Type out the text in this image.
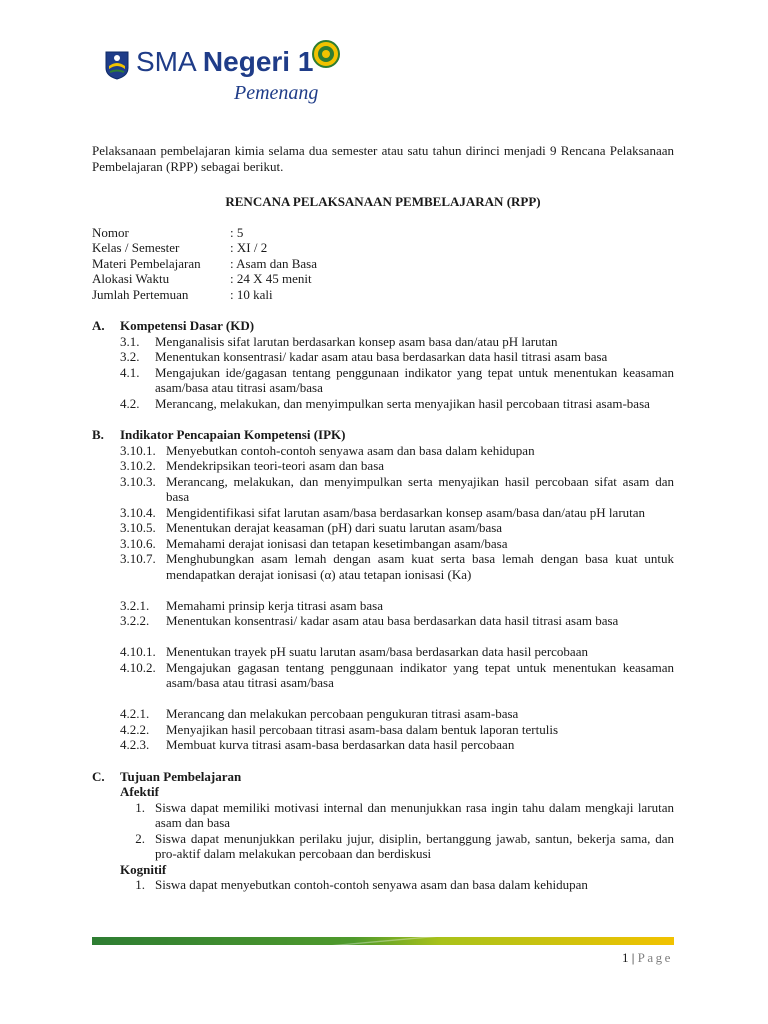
SMA Negeri 1
Pemenang

Pelaksanaan pembelajaran kimia selama dua semester atau satu tahun dirinci menjadi 9 Rencana Pelaksanaan Pembelajaran (RPP) sebagai berikut.

RENCANA PELAKSANAAN PEMBELAJARAN (RPP)

Nomor	: 5
Kelas / Semester	: XI / 2
Materi Pembelajaran	: Asam dan Basa
Alokasi Waktu	: 24 X 45 menit
Jumlah Pertemuan	: 10 kali
A.	Kompetensi Dasar (KD)
3.1.	Menganalisis sifat larutan berdasarkan konsep asam basa dan/atau pH larutan
3.2.	Menentukan konsentrasi/ kadar asam atau basa berdasarkan data hasil titrasi asam basa
4.1.	Mengajukan ide/gagasan tentang penggunaan indikator yang tepat untuk menentukan keasaman asam/basa atau titrasi asam/basa
4.2.	Merancang, melakukan, dan menyimpulkan serta menyajikan hasil percobaan titrasi asam-basa
B.	Indikator Pencapaian Kompetensi (IPK)
3.10.1. Menyebutkan contoh-contoh senyawa asam dan basa dalam kehidupan
3.10.2. Mendekripsikan teori-teori asam dan basa
3.10.3. Merancang, melakukan, dan menyimpulkan serta menyajikan hasil percobaan sifat asam dan basa
3.10.4. Mengidentifikasi sifat larutan asam/basa berdasarkan konsep asam/basa dan/atau pH larutan
3.10.5. Menentukan derajat keasaman (pH) dari suatu larutan asam/basa
3.10.6. Memahami derajat ionisasi dan tetapan kesetimbangan asam/basa
3.10.7. Menghubungkan asam lemah dengan asam kuat serta basa lemah dengan basa kuat untuk mendapatkan derajat ionisasi (α) atau tetapan ionisasi (Ka)
3.2.1.	Memahami prinsip kerja titrasi asam basa
3.2.2.	Menentukan konsentrasi/ kadar asam atau basa berdasarkan data hasil titrasi asam basa
4.10.1. Menentukan trayek pH suatu larutan asam/basa berdasarkan data hasil percobaan
4.10.2. Mengajukan gagasan tentang penggunaan indikator yang tepat untuk menentukan keasaman asam/basa atau titrasi asam/basa
4.2.1.	Merancang dan melakukan percobaan pengukuran titrasi asam-basa
4.2.2.	Menyajikan hasil percobaan titrasi asam-basa dalam bentuk laporan tertulis
4.2.3.	Membuat kurva titrasi asam-basa berdasarkan data hasil percobaan
C.	Tujuan Pembelajaran
Afektif
1. Siswa dapat memiliki motivasi internal dan menunjukkan rasa ingin tahu dalam mengkaji larutan asam dan basa
2. Siswa dapat menunjukkan perilaku jujur, disiplin, bertanggung jawab, santun, bekerja sama, dan pro-aktif dalam melakukan percobaan dan berdiskusi
Kognitif
1. Siswa dapat menyebutkan contoh-contoh senyawa asam dan basa dalam kehidupan
1 | Page
